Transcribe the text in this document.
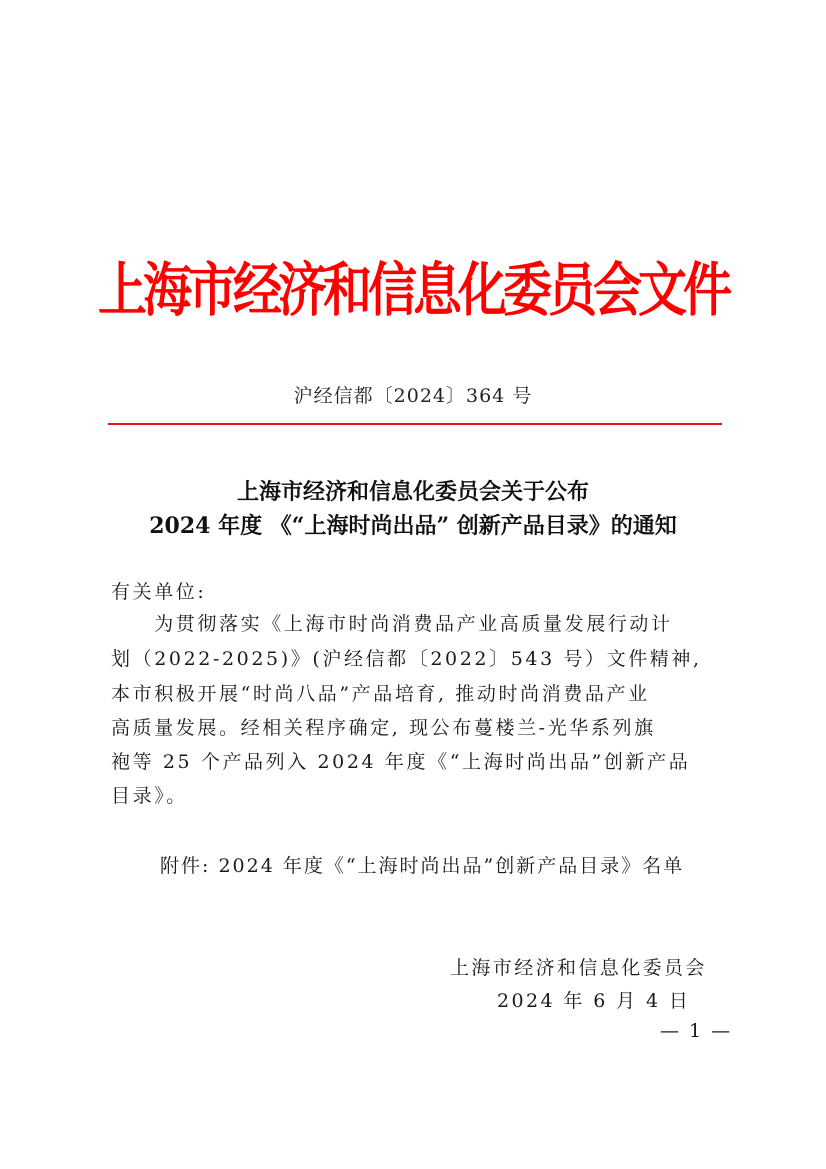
上海市经济和信息化委员会文件
沪经信都〔2024〕364 号
上海市经济和信息化委员会关于公布
2024 年度 《“上海时尚出品” 创新产品目录》的通知
有关单位:
　　为贯彻落实《上海市时尚消费品产业高质量发展行动计
划（2022-2025)》(沪经信都〔2022〕543 号）文件精神,
本市积极开展“时尚八品”产品培育, 推动时尚消费品产业
高质量发展。经相关程序确定, 现公布蔓楼兰-光华系列旗
袍等 25 个产品列入 2024 年度《“上海时尚出品”创新产品
目录》。
附件: 2024 年度《“上海时尚出品”创新产品目录》名单
上海市经济和信息化委员会
2024 年 6 月 4 日
— 1 —
